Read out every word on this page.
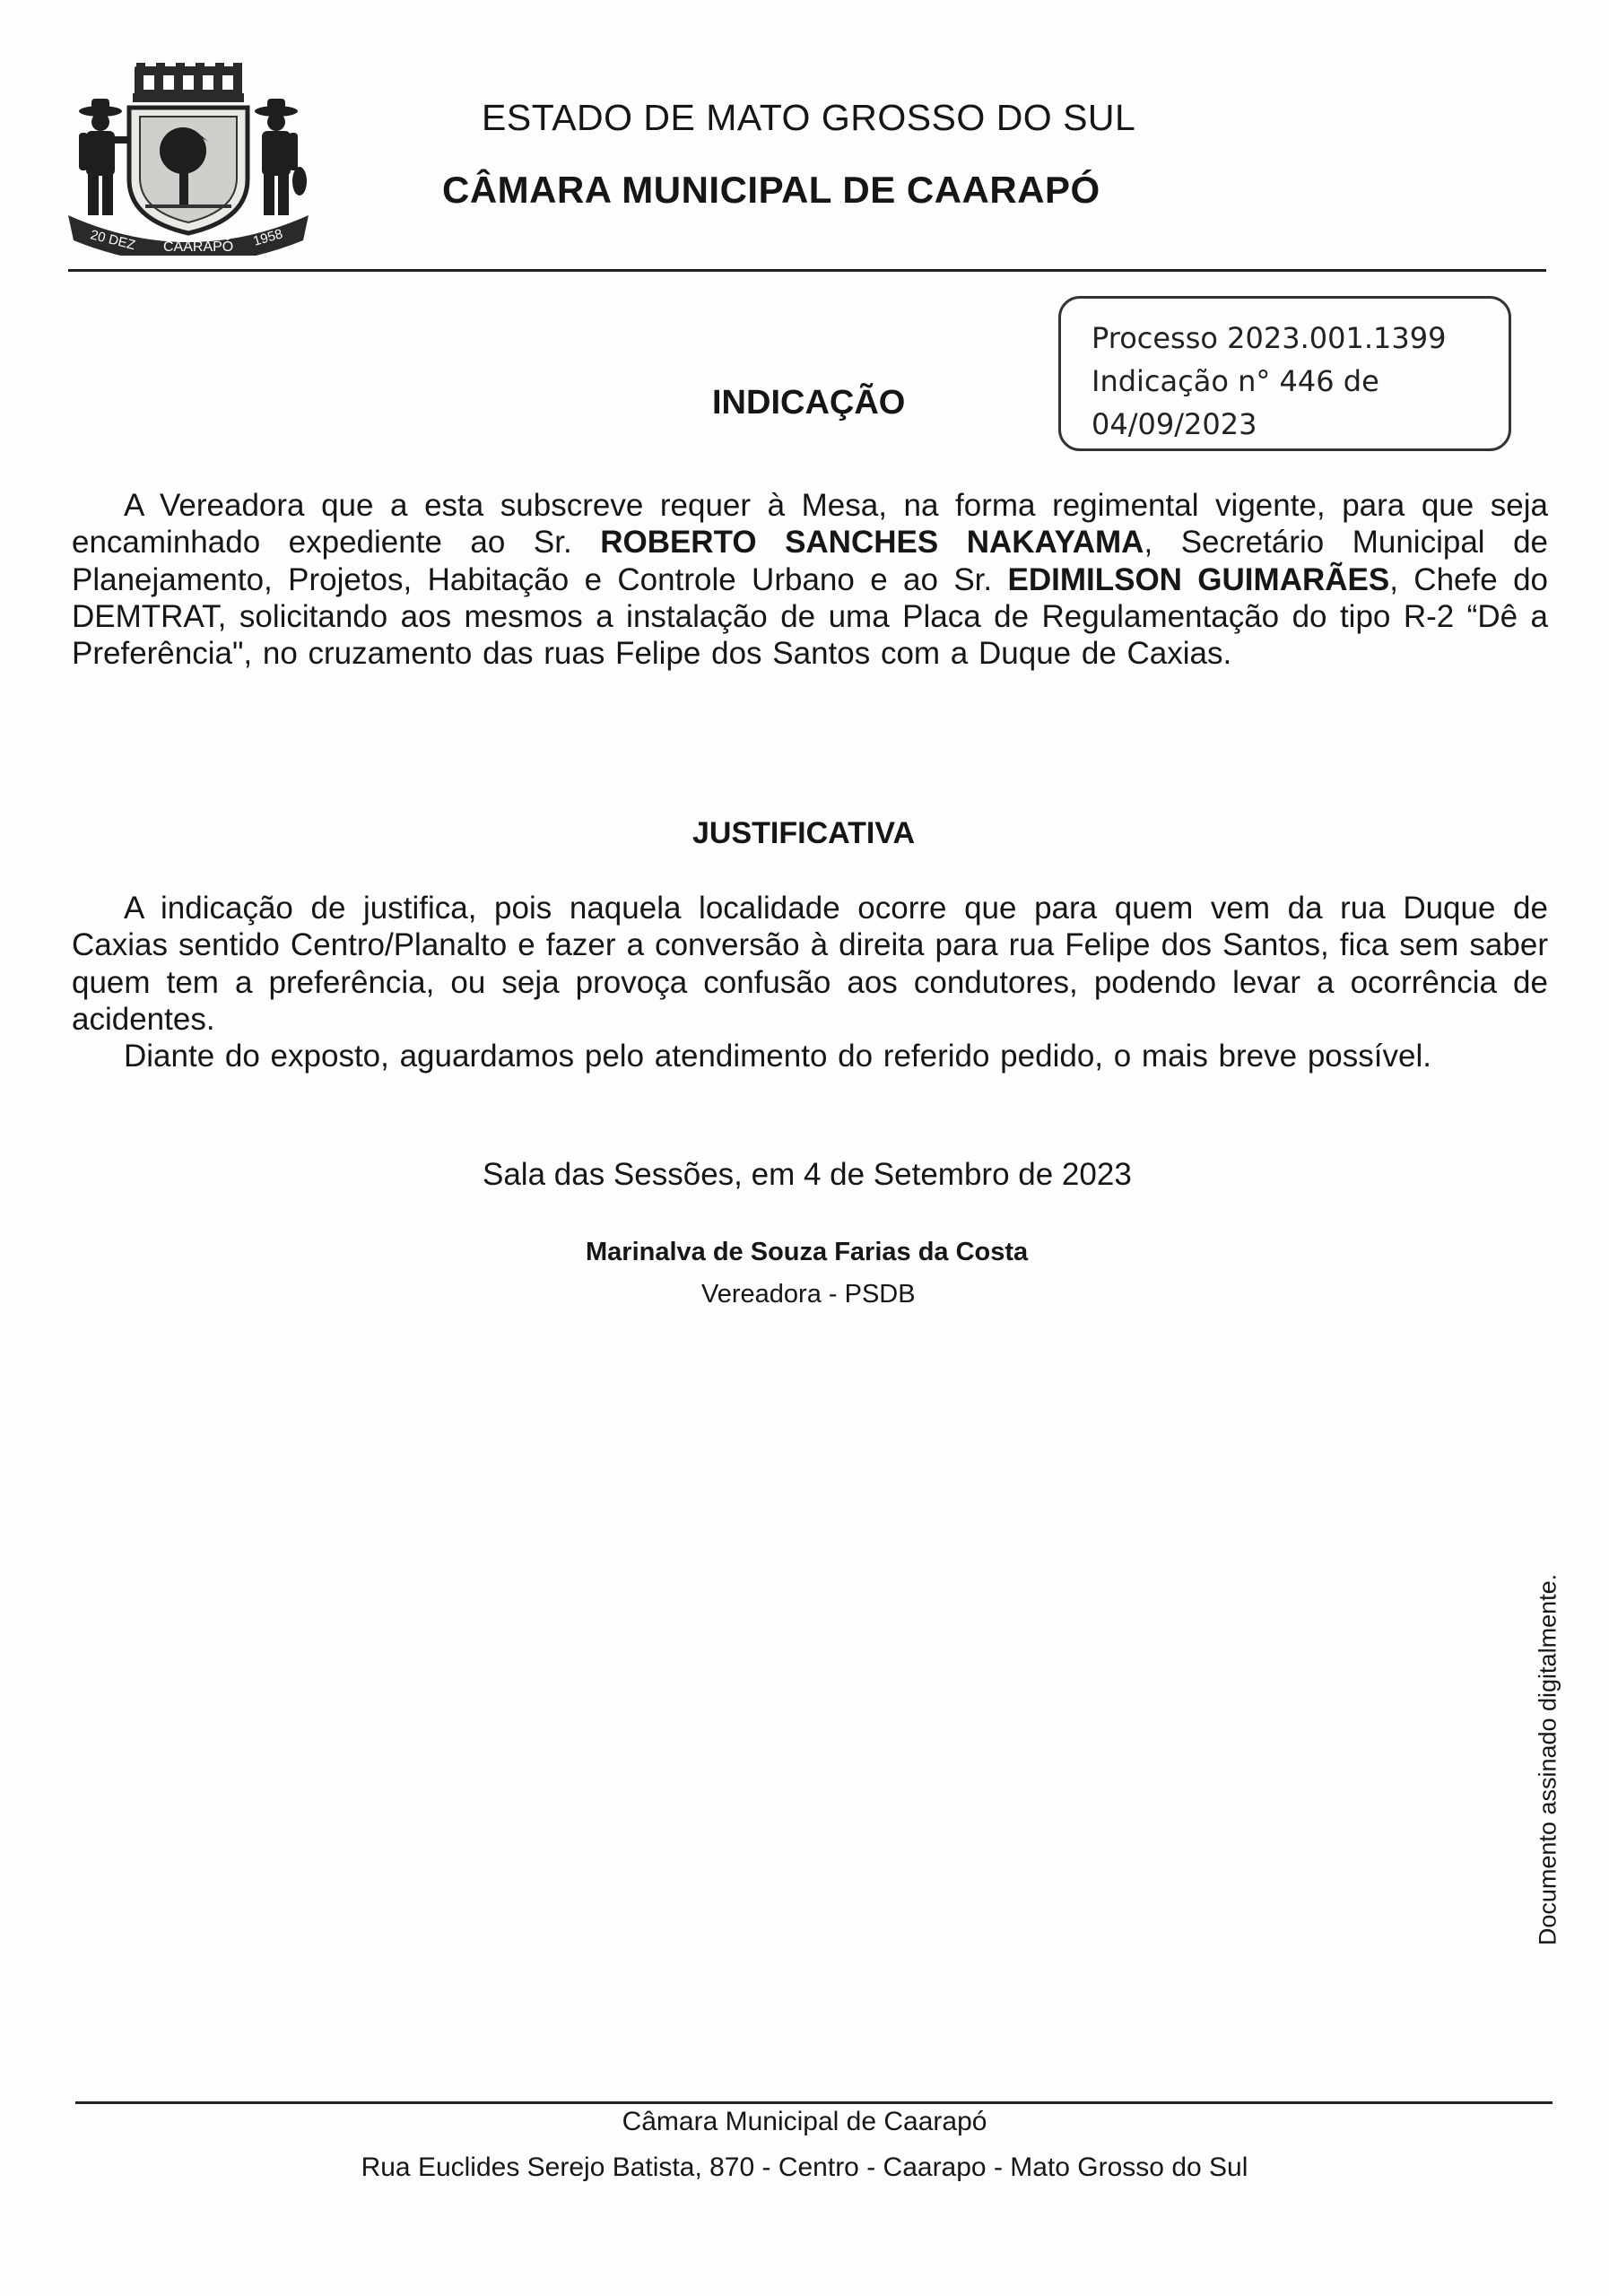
20 DEZ CAARAPÓ 1958
ESTADO DE MATO GROSSO DO SUL
CÂMARA MUNICIPAL DE CAARAPÓ
Processo 2023.001.1399
Indicação n° 446 de
04/09/2023
INDICAÇÃO

A Vereadora que a esta subscreve requer à Mesa, na forma regimental vigente, para que seja encaminhado expediente ao Sr. ROBERTO SANCHES NAKAYAMA, Secretário Municipal de Planejamento, Projetos, Habitação e Controle Urbano e ao Sr. EDIMILSON GUIMARÃES, Chefe do DEMTRAT, solicitando aos mesmos a instalação de uma Placa de Regulamentação do tipo R-2 “Dê a Preferência", no cruzamento das ruas Felipe dos Santos com a Duque de Caxias.

JUSTIFICATIVA

A indicação de justifica, pois naquela localidade ocorre que para quem vem da rua Duque de Caxias sentido Centro/Planalto e fazer a conversão à direita para rua Felipe dos Santos, fica sem saber quem tem a preferência, ou seja provoça confusão aos condutores, podendo levar a ocorrência de acidentes.

Diante do exposto, aguardamos pelo atendimento do referido pedido, o mais breve possível.

Sala das Sessões, em 4 de Setembro de 2023
Marinalva de Souza Farias da Costa
Vereadora - PSDB
Documento assinado digitalmente.
Câmara Municipal de Caarapó
Rua Euclides Serejo Batista, 870 - Centro - Caarapo - Mato Grosso do Sul
